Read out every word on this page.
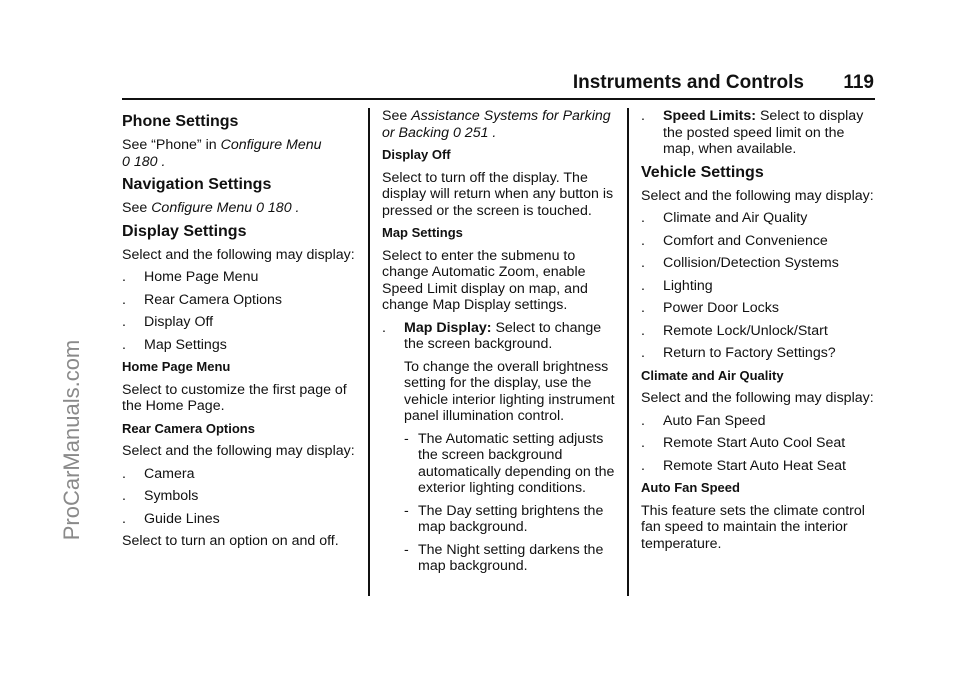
ProCarManuals.com
Instruments and Controls 119
Phone Settings

See “Phone” in Configure Menu
0 180 .

Navigation Settings

See Configure Menu 0 180 .

Display Settings

Select and the following may display:

. Home Page Menu
. Rear Camera Options
. Display Off
. Map Settings
Home Page Menu

Select to customize the first page of the Home Page.

Rear Camera Options

Select and the following may display:

. Camera
. Symbols
. Guide Lines

Select to turn an option on and off.

See Assistance Systems for Parking or Backing 0 251 .

Display Off

Select to turn off the display. The display will return when any button is pressed or the screen is touched.

Map Settings

Select to enter the submenu to change Automatic Zoom, enable Speed Limit display on map, and change Map Display settings.

. Map Display: Select to change the screen background.

To change the overall brightness setting for the display, use the vehicle interior lighting instrument panel illumination control.

- The Automatic setting adjusts the screen background automatically depending on the exterior lighting conditions.
- The Day setting brightens the map background.
- The Night setting darkens the map background.
. Speed Limits: Select to display the posted speed limit on the map, when available.
Vehicle Settings

Select and the following may display:

. Climate and Air Quality
. Comfort and Convenience
. Collision/Detection Systems
. Lighting
. Power Door Locks
. Remote Lock/Unlock/Start
. Return to Factory Settings?
Climate and Air Quality

Select and the following may display:

. Auto Fan Speed
. Remote Start Auto Cool Seat
. Remote Start Auto Heat Seat
Auto Fan Speed

This feature sets the climate control fan speed to maintain the interior temperature.
